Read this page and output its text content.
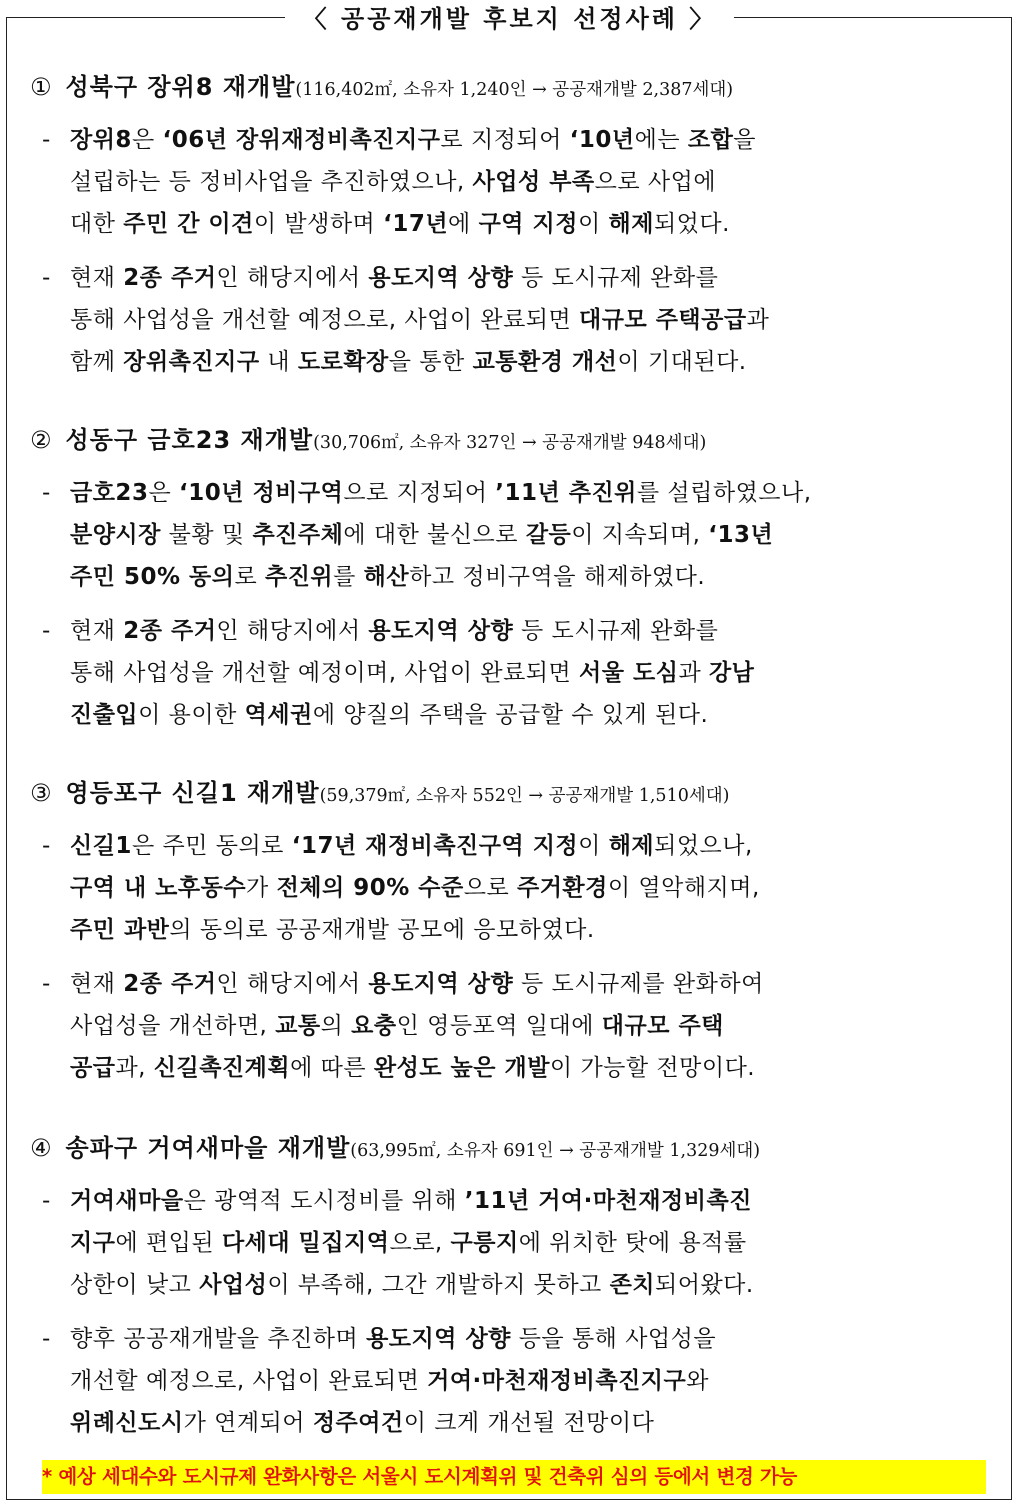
〈 공공재개발 후보지 선정사례 〉
① 성북구 장위8 재개발(116,402㎡, 소유자 1,240인 → 공공재개발 2,387세대)
- 장위8은 ‘06년 장위재정비촉진지구로 지정되어 ‘10년에는 조합을
설립하는 등 정비사업을 추진하였으나, 사업성 부족으로 사업에
대한 주민 간 이견이 발생하며 ‘17년에 구역 지정이 해제되었다.
- 현재 2종 주거인 해당지에서 용도지역 상향 등 도시규제 완화를
통해 사업성을 개선할 예정으로, 사업이 완료되면 대규모 주택공급과
함께 장위촉진지구 내 도로확장을 통한 교통환경 개선이 기대된다.
② 성동구 금호23 재개발(30,706㎡, 소유자 327인 → 공공재개발 948세대)
- 금호23은 ‘10년 정비구역으로 지정되어 ’11년 추진위를 설립하였으나,
분양시장 불황 및 추진주체에 대한 불신으로 갈등이 지속되며, ‘13년
주민 50% 동의로 추진위를 해산하고 정비구역을 해제하였다.
- 현재 2종 주거인 해당지에서 용도지역 상향 등 도시규제 완화를
통해 사업성을 개선할 예정이며, 사업이 완료되면 서울 도심과 강남
진출입이 용이한 역세권에 양질의 주택을 공급할 수 있게 된다.
③ 영등포구 신길1 재개발(59,379㎡, 소유자 552인 → 공공재개발 1,510세대)
- 신길1은 주민 동의로 ‘17년 재정비촉진구역 지정이 해제되었으나,
구역 내 노후동수가 전체의 90% 수준으로 주거환경이 열악해지며,
주민 과반의 동의로 공공재개발 공모에 응모하였다.
- 현재 2종 주거인 해당지에서 용도지역 상향 등 도시규제를 완화하여
사업성을 개선하면, 교통의 요충인 영등포역 일대에 대규모 주택
공급과, 신길촉진계획에 따른 완성도 높은 개발이 가능할 전망이다.
④ 송파구 거여새마을 재개발(63,995㎡, 소유자 691인 → 공공재개발 1,329세대)
- 거여새마을은 광역적 도시정비를 위해 ’11년 거여·마천재정비촉진
지구에 편입된 다세대 밀집지역으로, 구릉지에 위치한 탓에 용적률
상한이 낮고 사업성이 부족해, 그간 개발하지 못하고 존치되어왔다.
- 향후 공공재개발을 추진하며 용도지역 상향 등을 통해 사업성을
개선할 예정으로, 사업이 완료되면 거여·마천재정비촉진지구와
위례신도시가 연계되어 정주여건이 크게 개선될 전망이다
* 예상 세대수와 도시규제 완화사항은 서울시 도시계획위 및 건축위 심의 등에서 변경 가능
